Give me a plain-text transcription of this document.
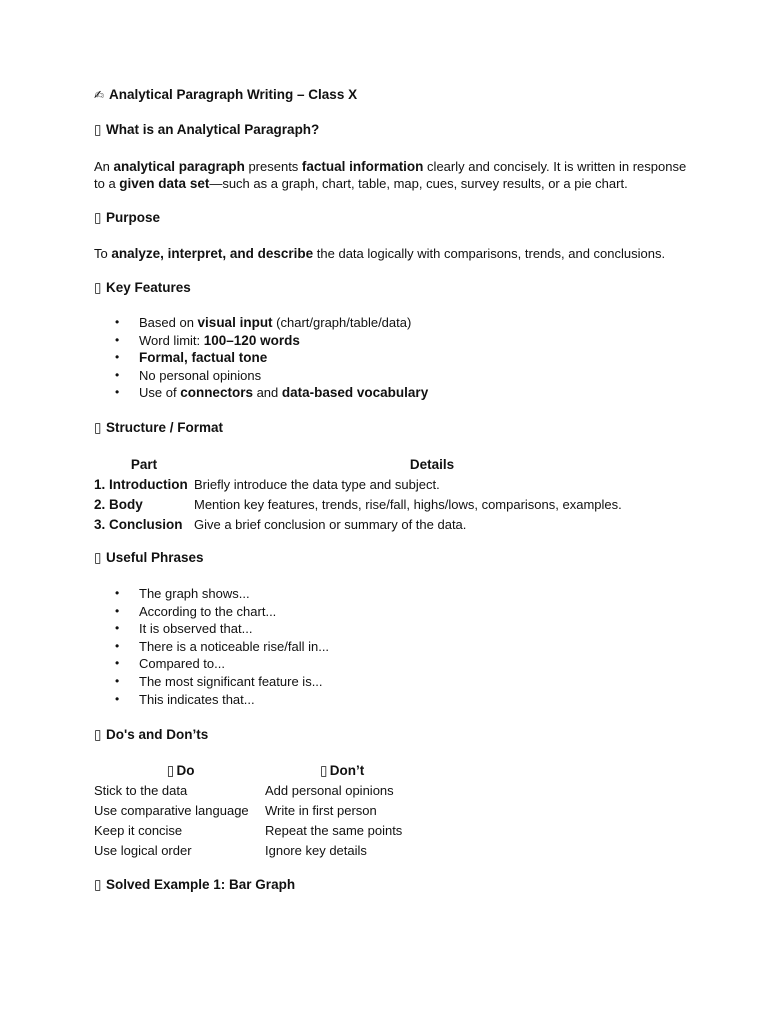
✍ Analytical Paragraph Writing – Class X
▯ What is an Analytical Paragraph?
An analytical paragraph presents factual information clearly and concisely. It is written in response
to a given data set—such as a graph, chart, table, map, cues, survey results, or a pie chart.
▯ Purpose
To analyze, interpret, and describe the data logically with comparisons, trends, and conclusions.
▯ Key Features
• Based on visual input (chart/graph/table/data)
• Word limit: 100–120 words
• Formal, factual tone
• No personal opinions
• Use of connectors and data-based vocabulary
▯ Structure / Format
Part	Details
1. Introduction	Briefly introduce the data type and subject.
2. Body	Mention key features, trends, rise/fall, highs/lows, comparisons, examples.
3. Conclusion	Give a brief conclusion or summary of the data.
▯ Useful Phrases
• The graph shows...
• According to the chart...
• It is observed that...
• There is a noticeable rise/fall in...
• Compared to...
• The most significant feature is...
• This indicates that...
▯ Do's and Don’ts
▯ Do	▯ Don’t
Stick to the data	Add personal opinions
Use comparative language	Write in first person
Keep it concise	Repeat the same points
Use logical order	Ignore key details
▯ Solved Example 1: Bar Graph
